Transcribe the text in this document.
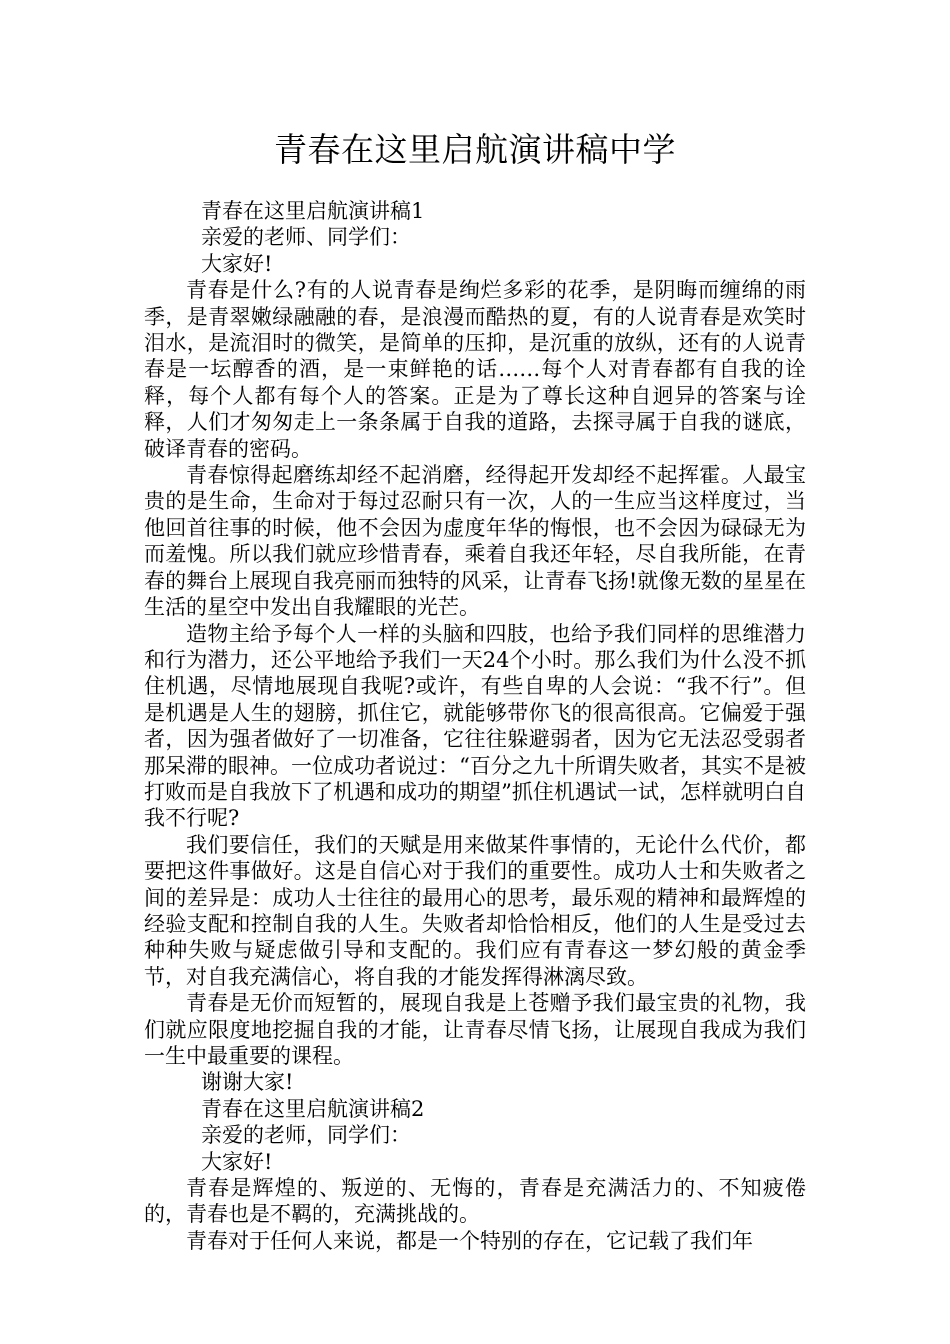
青春在这里启航演讲稿中学

青春在这里启航演讲稿1

亲爱的老师、同学们：

大家好!

青春是什么?有的人说青春是绚烂多彩的花季，是阴晦而缠绵的雨季，是青翠嫩绿融融的春，是浪漫而酷热的夏，有的人说青春是欢笑时泪水，是流泪时的微笑，是简单的压抑，是沉重的放纵，还有的人说青春是一坛醇香的酒，是一束鲜艳的话……每个人对青春都有自我的诠释，每个人都有每个人的答案。正是为了尊长这种自迥异的答案与诠释，人们才匆匆走上一条条属于自我的道路，去探寻属于自我的谜底，破译青春的密码。

青春惊得起磨练却经不起消磨，经得起开发却经不起挥霍。人最宝贵的是生命，生命对于每过忍耐只有一次，人的一生应当这样度过，当他回首往事的时候，他不会因为虚度年华的悔恨，也不会因为碌碌无为而羞愧。所以我们就应珍惜青春，乘着自我还年轻，尽自我所能，在青春的舞台上展现自我亮丽而独特的风采，让青春飞扬!就像无数的星星在生活的星空中发出自我耀眼的光芒。

造物主给予每个人一样的头脑和四肢，也给予我们同样的思维潜力和行为潜力，还公平地给予我们一天24个小时。那么我们为什么没不抓住机遇，尽情地展现自我呢?或许，有些自卑的人会说：“我不行”。但是机遇是人生的翅膀，抓住它，就能够带你飞的很高很高。它偏爱于强者，因为强者做好了一切准备，它往往躲避弱者，因为它无法忍受弱者那呆滞的眼神。一位成功者说过：“百分之九十所谓失败者，其实不是被打败而是自我放下了机遇和成功的期望”抓住机遇试一试，怎样就明白自我不行呢?

我们要信任，我们的天赋是用来做某件事情的，无论什么代价，都要把这件事做好。这是自信心对于我们的重要性。成功人士和失败者之间的差异是：成功人士往往的最用心的思考，最乐观的精神和最辉煌的经验支配和控制自我的人生。失败者却恰恰相反，他们的人生是受过去种种失败与疑虑做引导和支配的。我们应有青春这一梦幻般的黄金季节，对自我充满信心，将自我的才能发挥得淋漓尽致。

青春是无价而短暂的，展现自我是上苍赠予我们最宝贵的礼物，我们就应限度地挖掘自我的才能，让青春尽情飞扬，让展现自我成为我们一生中最重要的课程。

谢谢大家!

青春在这里启航演讲稿2

亲爱的老师，同学们：

大家好!

青春是辉煌的、叛逆的、无悔的，青春是充满活力的、不知疲倦的，青春也是不羁的，充满挑战的。

青春对于任何人来说，都是一个特别的存在，它记载了我们年
